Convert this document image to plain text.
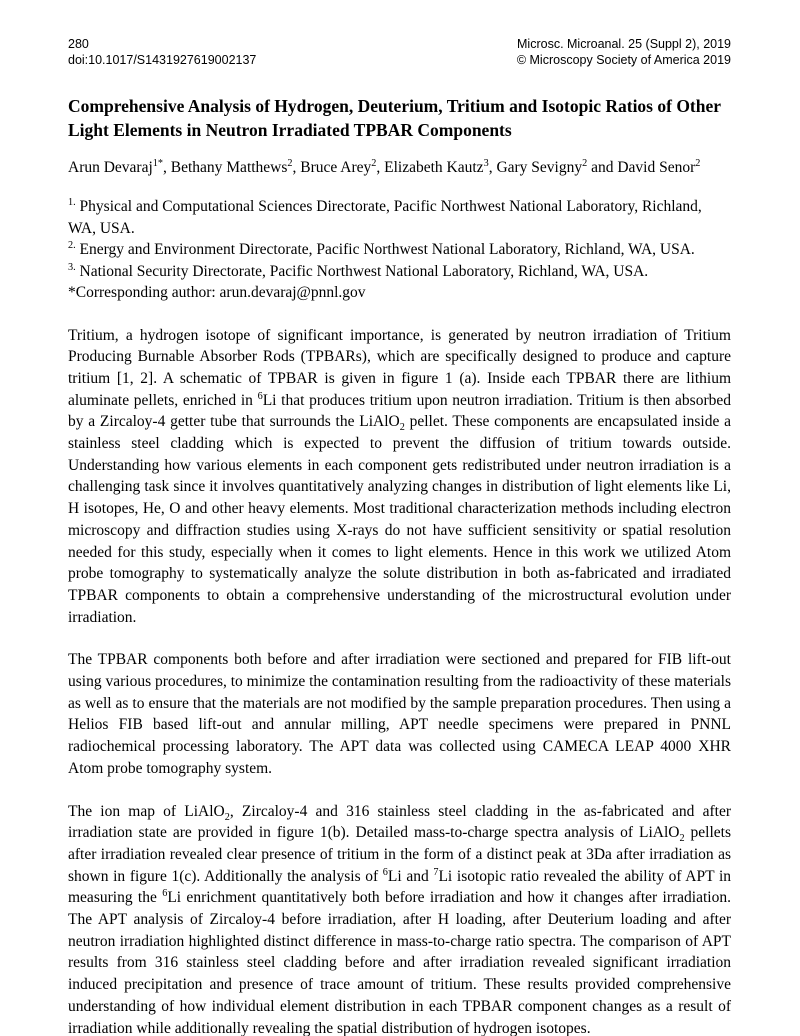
280
doi:10.1017/S1431927619002137
Microsc. Microanal. 25 (Suppl 2), 2019
© Microscopy Society of America 2019
Comprehensive Analysis of Hydrogen, Deuterium, Tritium and Isotopic Ratios of Other Light Elements in Neutron Irradiated TPBAR Components
Arun Devaraj$^{1*}$, Bethany Matthews$^2$, Bruce Arey$^2$, Elizabeth Kautz$^3$, Gary Sevigny$^2$ and David Senor$^2$
$^{1.}$ Physical and Computational Sciences Directorate, Pacific Northwest National Laboratory, Richland, WA, USA.
$^{2.}$ Energy and Environment Directorate, Pacific Northwest National Laboratory, Richland, WA, USA.
$^{3.}$ National Security Directorate, Pacific Northwest National Laboratory, Richland, WA, USA.
*Corresponding author: arun.devaraj@pnnl.gov

Tritium, a hydrogen isotope of significant importance, is generated by neutron irradiation of Tritium Producing Burnable Absorber Rods (TPBARs), which are specifically designed to produce and capture tritium [1, 2]. A schematic of TPBAR is given in figure 1 (a). Inside each TPBAR there are lithium aluminate pellets, enriched in $^6$Li that produces tritium upon neutron irradiation. Tritium is then absorbed by a Zircaloy-4 getter tube that surrounds the LiAlO$_2$ pellet. These components are encapsulated inside a stainless steel cladding which is expected to prevent the diffusion of tritium towards outside. Understanding how various elements in each component gets redistributed under neutron irradiation is a challenging task since it involves quantitatively analyzing changes in distribution of light elements like Li, H isotopes, He, O and other heavy elements. Most traditional characterization methods including electron microscopy and diffraction studies using X-rays do not have sufficient sensitivity or spatial resolution needed for this study, especially when it comes to light elements. Hence in this work we utilized Atom probe tomography to systematically analyze the solute distribution in both as-fabricated and irradiated TPBAR components to obtain a comprehensive understanding of the microstructural evolution under irradiation.

The TPBAR components both before and after irradiation were sectioned and prepared for FIB lift-out using various procedures, to minimize the contamination resulting from the radioactivity of these materials as well as to ensure that the materials are not modified by the sample preparation procedures. Then using a Helios FIB based lift-out and annular milling, APT needle specimens were prepared in PNNL radiochemical processing laboratory. The APT data was collected using CAMECA LEAP 4000 XHR Atom probe tomography system.

The ion map of LiAlO$_2$, Zircaloy-4 and 316 stainless steel cladding in the as-fabricated and after irradiation state are provided in figure 1(b). Detailed mass-to-charge spectra analysis of LiAlO$_2$ pellets after irradiation revealed clear presence of tritium in the form of a distinct peak at 3Da after irradiation as shown in figure 1(c). Additionally the analysis of $^6$Li and $^7$Li isotopic ratio revealed the ability of APT in measuring the $^6$Li enrichment quantitatively both before irradiation and how it changes after irradiation. The APT analysis of Zircaloy-4 before irradiation, after H loading, after Deuterium loading and after neutron irradiation highlighted distinct difference in mass-to-charge ratio spectra. The comparison of APT results from 316 stainless steel cladding before and after irradiation revealed significant irradiation induced precipitation and presence of trace amount of tritium. These results provided comprehensive understanding of how individual element distribution in each TPBAR component changes as a result of irradiation while additionally revealing the spatial distribution of hydrogen isotopes.
